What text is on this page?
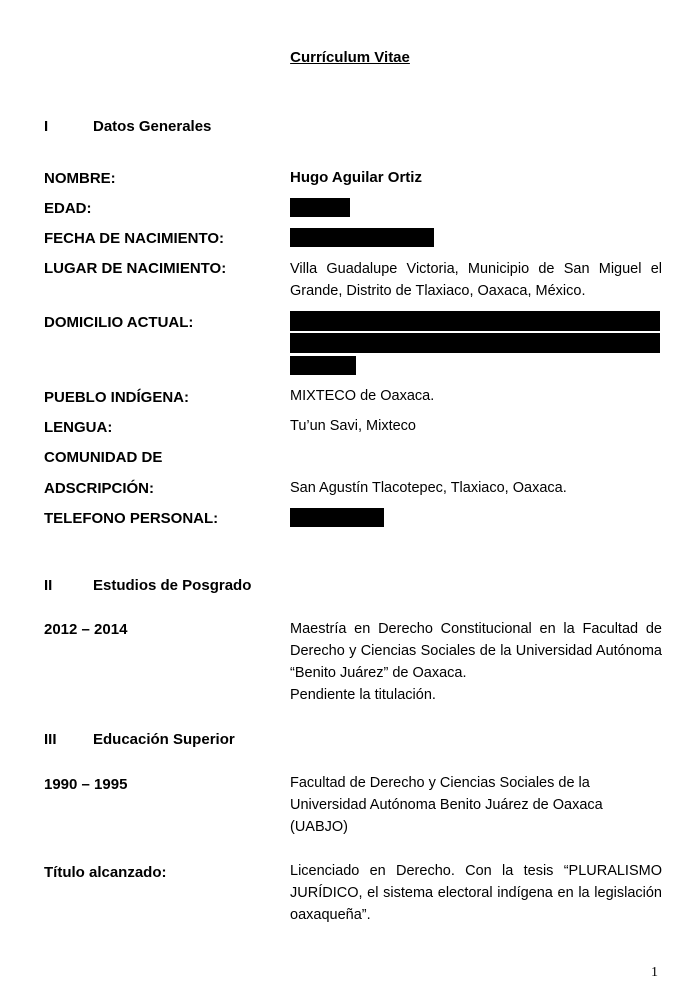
Currículum Vitae
I	Datos Generales
NOMBRE:	Hugo Aguilar Ortiz
EDAD:
FECHA DE NACIMIENTO:
LUGAR DE NACIMIENTO:	Villa Guadalupe Victoria, Municipio de San Miguel el Grande, Distrito de Tlaxiaco, Oaxaca, México.
DOMICILIO ACTUAL:
PUEBLO INDÍGENA:	MIXTECO de Oaxaca.
LENGUA:	Tu’un Savi, Mixteco
COMUNIDAD DE
ADSCRIPCIÓN:	San Agustín Tlacotepec, Tlaxiaco, Oaxaca.
TELEFONO PERSONAL:
II	Estudios de Posgrado
2012 – 2014	Maestría en Derecho Constitucional en la Facultad de Derecho y Ciencias Sociales de la Universidad Autónoma “Benito Juárez” de Oaxaca.
Pendiente la titulación.
III Educación Superior
1990 – 1995	Facultad de Derecho y Ciencias Sociales de la Universidad Autónoma Benito Juárez de Oaxaca (UABJO)
Título alcanzado:	Licenciado en Derecho. Con la tesis “PLURALISMO JURÍDICO, el sistema electoral indígena en la legislación oaxaqueña”.
1
